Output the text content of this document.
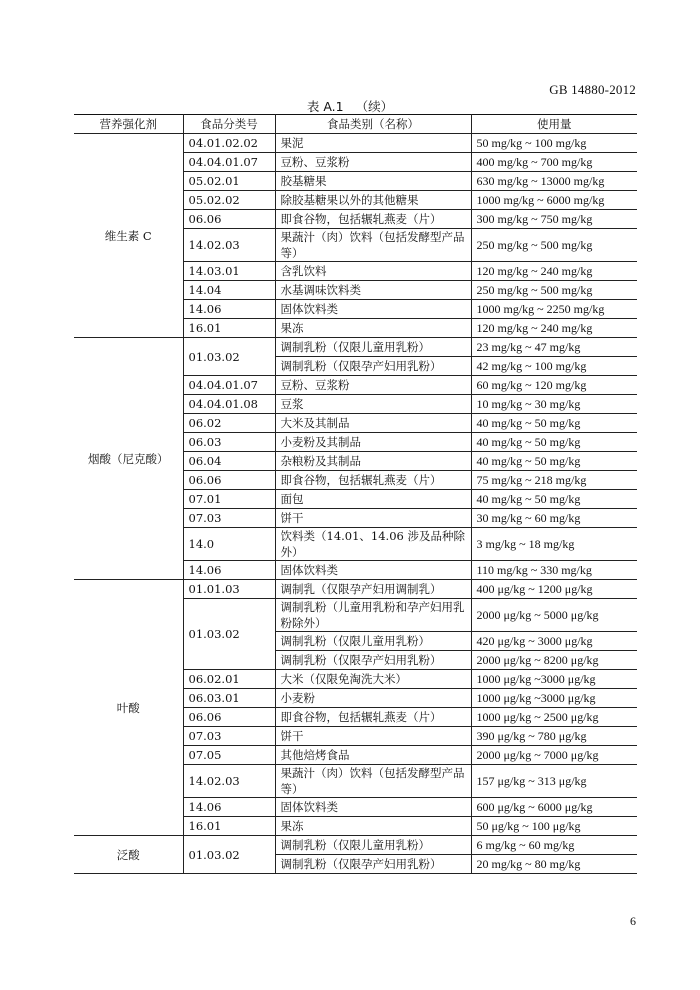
GB 14880-2012
表 A.1 （续）
营养强化剂	食品分类号	食品类别（名称）	使用量
维生素 C	04.01.02.02	果泥	50 mg/kg ~ 100 mg/kg
	04.04.01.07	豆粉、豆浆粉	400 mg/kg ~ 700 mg/kg
	05.02.01	胶基糖果	630 mg/kg ~ 13000 mg/kg
	05.02.02	除胶基糖果以外的其他糖果	1000 mg/kg ~ 6000 mg/kg
	06.06	即食谷物，包括辗轧燕麦（片）	300 mg/kg ~ 750 mg/kg
	14.02.03	果蔬汁（肉）饮料（包括发酵型产品等）	250 mg/kg ~ 500 mg/kg
	14.03.01	含乳饮料	120 mg/kg ~ 240 mg/kg
	14.04	水基调味饮料类	250 mg/kg ~ 500 mg/kg
	14.06	固体饮料类	1000 mg/kg ~ 2250 mg/kg
	16.01	果冻	120 mg/kg ~ 240 mg/kg
烟酸（尼克酸）	01.03.02	调制乳粉（仅限儿童用乳粉）	23 mg/kg ~ 47 mg/kg
		调制乳粉（仅限孕产妇用乳粉）	42 mg/kg ~ 100 mg/kg
	04.04.01.07	豆粉、豆浆粉	60 mg/kg ~ 120 mg/kg
	04.04.01.08	豆浆	10 mg/kg ~ 30 mg/kg
	06.02	大米及其制品	40 mg/kg ~ 50 mg/kg
	06.03	小麦粉及其制品	40 mg/kg ~ 50 mg/kg
	06.04	杂粮粉及其制品	40 mg/kg ~ 50 mg/kg
	06.06	即食谷物，包括辗轧燕麦（片）	75 mg/kg ~ 218 mg/kg
	07.01	面包	40 mg/kg ~ 50 mg/kg
	07.03	饼干	30 mg/kg ~ 60 mg/kg
	14.0	饮料类（14.01、14.06 涉及品种除外）	3 mg/kg ~ 18 mg/kg
	14.06	固体饮料类	110 mg/kg ~ 330 mg/kg
叶酸	01.01.03	调制乳（仅限孕产妇用调制乳）	400 μg/kg ~ 1200 μg/kg
	01.03.02	调制乳粉（儿童用乳粉和孕产妇用乳粉除外）	2000 μg/kg ~ 5000 μg/kg
		调制乳粉（仅限儿童用乳粉）	420 μg/kg ~ 3000 μg/kg
		调制乳粉（仅限孕产妇用乳粉）	2000 μg/kg ~ 8200 μg/kg
	06.02.01	大米（仅限免淘洗大米）	1000 μg/kg ~3000 μg/kg
	06.03.01	小麦粉	1000 μg/kg ~3000 μg/kg
	06.06	即食谷物，包括辗轧燕麦（片）	1000 μg/kg ~ 2500 μg/kg
	07.03	饼干	390 μg/kg ~ 780 μg/kg
	07.05	其他焙烤食品	2000 μg/kg ~ 7000 μg/kg
	14.02.03	果蔬汁（肉）饮料（包括发酵型产品等）	157 μg/kg ~ 313 μg/kg
	14.06	固体饮料类	600 μg/kg ~ 6000 μg/kg
	16.01	果冻	50 μg/kg ~ 100 μg/kg
泛酸	01.03.02	调制乳粉（仅限儿童用乳粉）	6 mg/kg ~ 60 mg/kg
		调制乳粉（仅限孕产妇用乳粉）	20 mg/kg ~ 80 mg/kg
6
